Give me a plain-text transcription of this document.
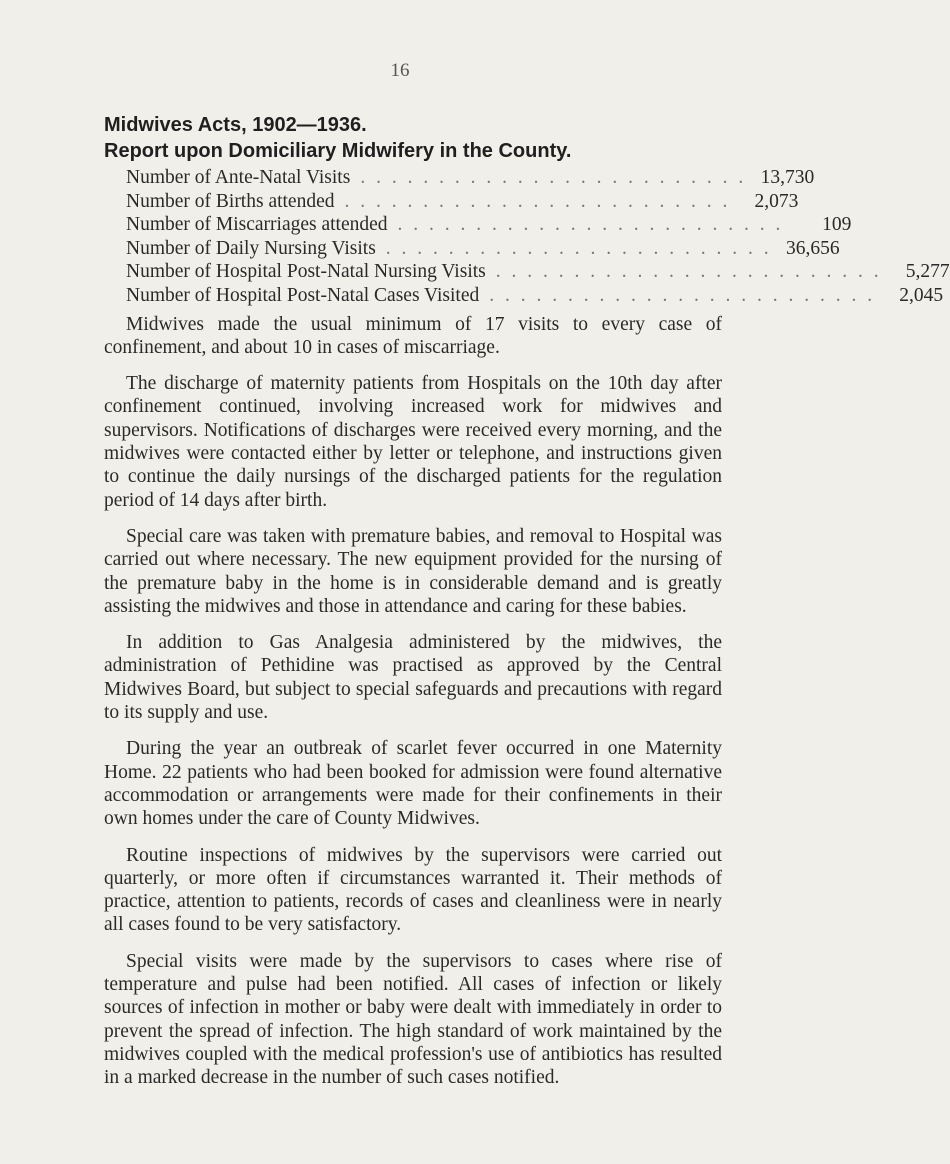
16
Midwives Acts, 1902—1936.
Report upon Domiciliary Midwifery in the County.
Number of Ante-Natal Visits . . . . . . . . . . . . . . . . . . . . . . . . . 13,730
Number of Births attended . . . . . . . . . . . . . . . . . . . . . . . . .	2,073
Number of Miscarriages attended . . . . . . . . . . . . . . . . . . . . . . . . .	109
Number of Daily Nursing Visits . . . . . . . . . . . . . . . . . . . . . . . . . 36,656
Number of Hospital Post-Natal Nursing Visits . . . . . . . . . . . . . . . . . . . . . . . . .	5,277
Number of Hospital Post-Natal Cases Visited . . . . . . . . . . . . . . . . . . . . . . . . .	2,045

Midwives made the usual minimum of 17 visits to every case of confinement, and about 10 in cases of miscarriage.

The discharge of maternity patients from Hospitals on the 10th day after confinement continued, involving increased work for midwives and supervisors. Notifications of discharges were received every morning, and the midwives were contacted either by letter or telephone, and instructions given to continue the daily nursings of the discharged patients for the regulation period of 14 days after birth.

Special care was taken with premature babies, and removal to Hospital was carried out where necessary. The new equipment provided for the nursing of the premature baby in the home is in considerable demand and is greatly assisting the midwives and those in attendance and caring for these babies.

In addition to Gas Analgesia administered by the midwives, the administration of Pethidine was practised as approved by the Central Midwives Board, but subject to special safeguards and precautions with regard to its supply and use.

During the year an outbreak of scarlet fever occurred in one Maternity Home. 22 patients who had been booked for admission were found alternative accommodation or arrangements were made for their confinements in their own homes under the care of County Midwives.

Routine inspections of midwives by the supervisors were carried out quarterly, or more often if circumstances warranted it. Their methods of practice, attention to patients, records of cases and cleanliness were in nearly all cases found to be very satisfactory.

Special visits were made by the supervisors to cases where rise of temperature and pulse had been notified. All cases of infection or likely sources of infection in mother or baby were dealt with immediately in order to prevent the spread of infection. The high standard of work maintained by the midwives coupled with the medical profession's use of antibiotics has resulted in a marked decrease in the number of such cases notified.
